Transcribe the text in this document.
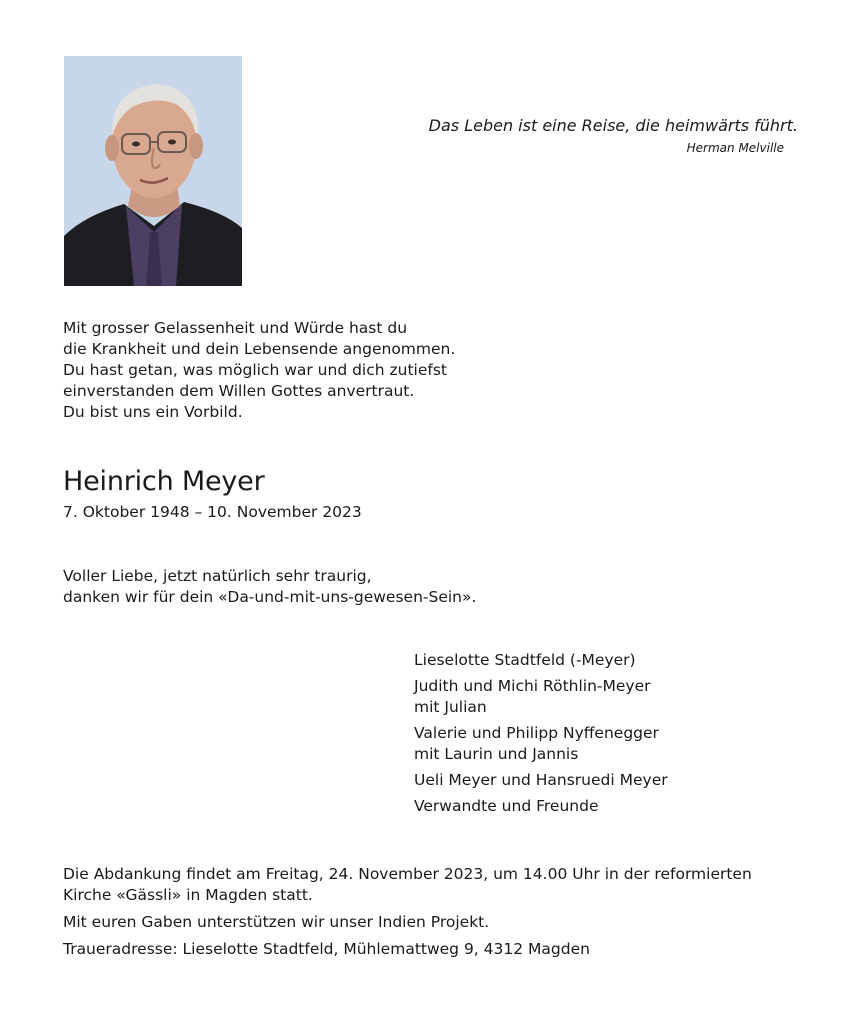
Das Leben ist eine Reise, die heimwärts führt.
Herman Melville
Mit grosser Gelassenheit und Würde hast du
die Krankheit und dein Lebensende angenommen.
Du hast getan, was möglich war und dich zutiefst
einverstanden dem Willen Gottes anvertraut.
Du bist uns ein Vorbild.
Heinrich Meyer
7. Oktober 1948 – 10. November 2023
Voller Liebe, jetzt natürlich sehr traurig,
danken wir für dein «Da-und-mit-uns-gewesen-Sein».
Lieselotte Stadtfeld (-Meyer)
Judith und Michi Röthlin-Meyer
mit Julian
Valerie und Philipp Nyffenegger
mit Laurin und Jannis
Ueli Meyer und Hansruedi Meyer
Verwandte und Freunde

Die Abdankung findet am Freitag, 24. November 2023, um 14.00 Uhr in der reformierten
Kirche «Gässli» in Magden statt.

Mit euren Gaben unterstützen wir unser Indien Projekt.

Traueradresse: Lieselotte Stadtfeld, Mühlemattweg 9, 4312 Magden
